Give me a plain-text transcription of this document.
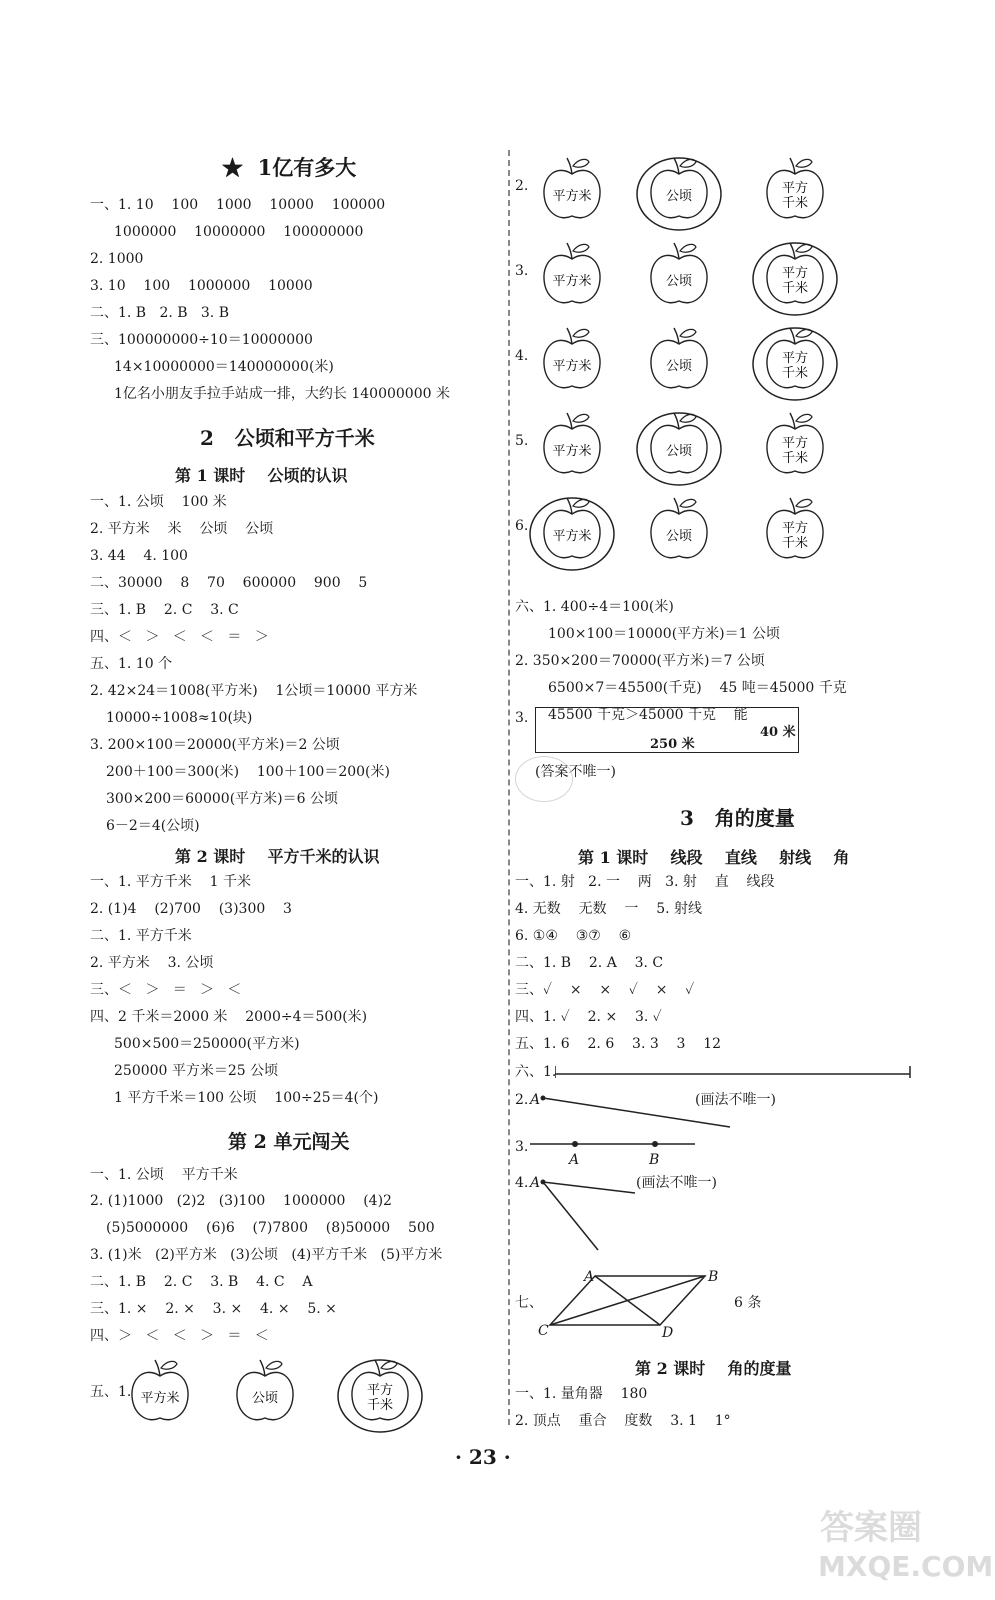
★  1亿有多大
一、1. 10    100    1000    10000    100000
1000000    10000000    100000000
2. 1000
3. 10    100    1000000    10000
二、1. B   2. B   3. B
三、100000000÷10＝10000000
14×10000000＝140000000(米)
1亿名小朋友手拉手站成一排，大约长 140000000 米
2   公顷和平方千米
第 1 课时    公顷的认识
一、1. 公顷    100 米
2. 平方米    米    公顷    公顷
3. 44    4. 100
二、30000    8    70    600000    900    5
三、1. B    2. C    3. C
四、＜   ＞   ＜   ＜   ＝   ＞
五、1. 10 个
2. 42×24＝1008(平方米)    1公顷＝10000 平方米
10000÷1008≈10(块)
3. 200×100＝20000(平方米)＝2 公顷
200＋100＝300(米)    100＋100＝200(米)
300×200＝60000(平方米)＝6 公顷
6－2＝4(公顷)
第 2 课时    平方千米的认识
一、1. 平方千米    1 千米
2. (1)4    (2)700    (3)300    3
二、1. 平方千米
2. 平方米    3. 公顷
三、＜   ＞   ＝   ＞   ＜
四、2 千米＝2000 米    2000÷4＝500(米)
500×500＝250000(平方米)
250000 平方米＝25 公顷
1 平方千米＝100 公顷    100÷25＝4(个)
第 2 单元闯关
一、1. 公顷    平方千米
2. (1)1000   (2)2   (3)100    1000000    (4)2
(5)5000000    (6)6    (7)7800    (8)50000    500
3. (1)米   (2)平方米   (3)公顷   (4)平方千米   (5)平方米
二、1. B    2. C    3. B    4. C    A
三、1. ×    2. ×    3. ×    4. ×    5. ×
四、＞   ＜   ＜   ＞   ＝   ＜
五、1. 平方米	公顷
平方
千米
2.
平方米	公顷
平方
千米
3.
平方米	公顷
平方
千米
4.
平方米	公顷
平方
千米
5.
平方米	公顷
平方
千米
6.
平方米	公顷
平方
千米
六、1. 400÷4＝100(米)
100×100＝10000(平方米)＝1 公顷
2. 350×200＝70000(平方米)＝7 公顷
6500×7＝45500(千克)    45 吨＝45000 千克
45500 千克＞45000 千克    能
3.
250 米
40 米
(答案不唯一)
3   角的度量
第 1 课时    线段    直线    射线    角
一、1. 射   2. 一    两   3. 射    直    线段
4. 无数    无数    一    5. 射线
6. ①④    ③⑦    ⑥
二、1. B    2. A    3. C
三、✓    ×    ×    ✓    ×    ✓
四、1. ✓    2. ×    3. ✓
五、1. 6    2. 6    3. 3    3    12
六、1.
2. A	(画法不唯一)
3.
A	B
4. A	(画法不唯一)
七、
A	B
C	D
6 条
第 2 课时    角的度量
一、1. 量角器    180
2. 顶点    重合    度数    3. 1    1°
· 23 ·
答案圈
MXQE.COM
